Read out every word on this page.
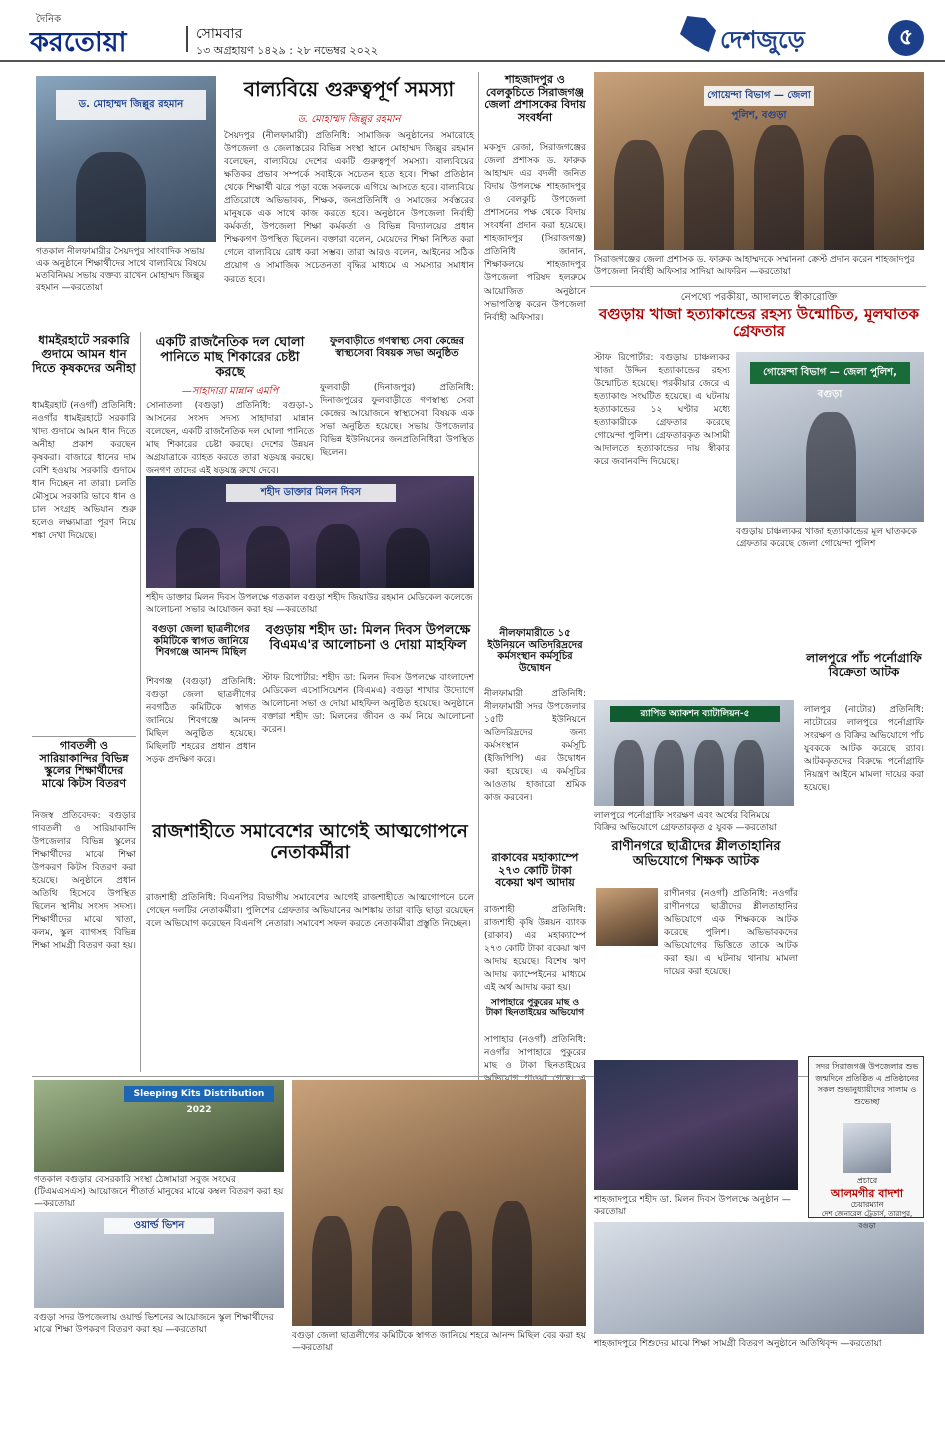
দৈনিক
করতোয়া	সোমবার
১৩ অগ্রহায়ণ ১৪২৯ : ২৮ নভেম্বর ২০২২	দেশজুড়ে	৫
ড. মোহাম্মদ জিল্লুর রহমান
গতকাল নীলফামারীর সৈয়দপুর সাংবাদিক সভায় এক অনুষ্ঠানে শিক্ষার্থীদের সাথে বাল্যবিয়ে বিষয়ে মতবিনিময় সভায় বক্তব্য রাখেন মোহাম্মদ জিল্লুর রহমান —করতোয়া
বাল্যবিয়ে গুরুত্বপূর্ণ সমস্যা
ড. মোহাম্মদ জিল্লুর রহমান
সৈয়দপুর (নীলফামারী) প্রতিনিধি: সামাজিক অনুষ্ঠানের সমারোহে উপজেলা ও জেলাস্তরের বিভিন্ন সংস্থা স্থানে মোহাম্মদ জিল্লুর রহমান বলেছেন, বাল্যবিয়ে দেশের একটি গুরুত্বপূর্ণ সমস্যা। বাল্যবিয়ের ক্ষতিকর প্রভাব সম্পর্কে সবাইকে সচেতন হতে হবে। শিক্ষা প্রতিষ্ঠান থেকে শিক্ষার্থী ঝরে পড়া বন্ধে সকলকে এগিয়ে আসতে হবে। বাল্যবিয়ে প্রতিরোধে অভিভাবক, শিক্ষক, জনপ্রতিনিধি ও সমাজের সর্বস্তরের মানুষকে এক সাথে কাজ করতে হবে। অনুষ্ঠানে উপজেলা নির্বাহী কর্মকর্তা, উপজেলা শিক্ষা কর্মকর্তা ও বিভিন্ন বিদ্যালয়ের প্রধান শিক্ষকগণ উপস্থিত ছিলেন। বক্তারা বলেন, মেয়েদের শিক্ষা নিশ্চিত করা গেলে বাল্যবিয়ে রোধ করা সম্ভব। তারা আরও বলেন, আইনের সঠিক প্রয়োগ ও সামাজিক সচেতনতা বৃদ্ধির মাধ্যমে এ সমস্যার সমাধান করতে হবে।
শাহজাদপুর ও বেলকুচিতে সিরাজগঞ্জ জেলা প্রশাসকের বিদায় সংবর্ধনা
মকসুদ রেজা, সিরাজগঞ্জের জেলা প্রশাসক ড. ফারুক আহাম্মদ এর বদলী জনিত বিদায় উপলক্ষে শাহজাদপুর ও বেলকুচি উপজেলা প্রশাসনের পক্ষ থেকে বিদায় সংবর্ধনা প্রদান করা হয়েছে। শাহজাদপুর (সিরাজগঞ্জ) প্রতিনিধি জানান, শিক্ষাকলয়ে শাহজাদপুর উপজেলা পরিষদ হলরুমে আয়োজিত অনুষ্ঠানে সভাপতিত্ব করেন উপজেলা নির্বাহী অফিসার।
গোয়েন্দা বিভাগ — জেলা পুলিশ, বগুড়া
সিরাজগঞ্জের জেলা প্রশাসক ড. ফারুক আহাম্মদকে সম্মাননা ক্রেস্ট প্রদান করেন শাহজাদপুর উপজেলা নির্বাহী অফিসার সাদিয়া আফরিন —করতোয়া
নেপথ্যে পরকীয়া, আদালতে স্বীকারোক্তি
বগুড়ায় খাজা হত্যাকান্ডের রহস্য উন্মোচিত, মূলঘাতক গ্রেফতার
স্টাফ রিপোর্টার: বগুড়ায় চাঞ্চল্যকর খাজা উদ্দিন হত্যাকান্ডের রহস্য উন্মোচিত হয়েছে। পরকীয়ার জেরে এ হত্যাকাণ্ড সংঘটিত হয়েছে। এ ঘটনায় হত্যাকান্ডের ১২ ঘণ্টার মধ্যে হত্যাকারীকে গ্রেফতার করেছে গোয়েন্দা পুলিশ। গ্রেফতারকৃত আসামী আদালতে হত্যাকান্ডের দায় স্বীকার করে জবানবন্দি দিয়েছে।
গোয়েন্দা বিভাগ — জেলা পুলিশ, বগুড়া
বগুড়ায় চাঞ্চল্যকর খাজা হত্যাকান্ডের মূল ঘাতককে গ্রেফতার করেছে জেলা গোয়েন্দা পুলিশ
ধামইরহাটে সরকারি গুদামে আমন ধান দিতে কৃষকদের অনীহা
ধামইরহাট (নওগাঁ) প্রতিনিধি: নওগাঁর ধামইরহাটে সরকারি খাদ্য গুদামে আমন ধান দিতে অনীহা প্রকাশ করছেন কৃষকরা। বাজারে ধানের দাম বেশি হওয়ায় সরকারি গুদামে ধান দিচ্ছেন না তারা। চলতি মৌসুমে সরকারি ভাবে ধান ও চাল সংগ্রহ অভিযান শুরু হলেও লক্ষ্যমাত্রা পূরণ নিয়ে শঙ্কা দেখা দিয়েছে।
গাবতলী ও সারিয়াকান্দির বিভিন্ন স্কুলের শিক্ষার্থীদের মাঝে কিটস বিতরণ
নিজস্ব প্রতিবেদক: বগুড়ার গাবতলী ও সারিয়াকান্দি উপজেলার বিভিন্ন স্কুলের শিক্ষার্থীদের মাঝে শিক্ষা উপকরণ কিটস বিতরণ করা হয়েছে। অনুষ্ঠানে প্রধান অতিথি হিসেবে উপস্থিত ছিলেন স্থানীয় সংসদ সদস্য। শিক্ষার্থীদের মাঝে খাতা, কলম, স্কুল ব্যাগসহ বিভিন্ন শিক্ষা সামগ্রী বিতরণ করা হয়।
একটি রাজনৈতিক দল ঘোলা পানিতে মাছ শিকারের চেষ্টা করছে
—সাহাদারা মান্নান এমপি
সোনাতলা (বগুড়া) প্রতিনিধি: বগুড়া-১ আসনের সংসদ সদস্য সাহাদারা মান্নান বলেছেন, একটি রাজনৈতিক দল ঘোলা পানিতে মাছ শিকারের চেষ্টা করছে। দেশের উন্নয়ন অগ্রযাত্রাকে ব্যাহত করতে তারা ষড়যন্ত্র করছে। জনগণ তাদের এই ষড়যন্ত্র রুখে দেবে।
ফুলবাড়ীতে গণস্বাস্থ্য সেবা কেন্দ্রের স্বাস্থ্যসেবা বিষয়ক সভা অনুষ্ঠিত
ফুলবাড়ী (দিনাজপুর) প্রতিনিধি: দিনাজপুরের ফুলবাড়ীতে গণস্বাস্থ্য সেবা কেন্দ্রের আয়োজনে স্বাস্থ্যসেবা বিষয়ক এক সভা অনুষ্ঠিত হয়েছে। সভায় উপজেলার বিভিন্ন ইউনিয়নের জনপ্রতিনিধিরা উপস্থিত ছিলেন।
শহীদ ডাক্তার মিলন দিবস
শহীদ ডাক্তার মিলন দিবস উপলক্ষে গতকাল বগুড়া শহীদ জিয়াউর রহমান মেডিকেল কলেজে আলোচনা সভার আয়োজন করা হয় —করতোয়া
বগুড়া জেলা ছাত্রলীগের কমিটিকে স্বাগত জানিয়ে শিবগঞ্জে আনন্দ মিছিল
শিবগঞ্জ (বগুড়া) প্রতিনিধি: বগুড়া জেলা ছাত্রলীগের নবগঠিত কমিটিকে স্বাগত জানিয়ে শিবগঞ্জে আনন্দ মিছিল অনুষ্ঠিত হয়েছে। মিছিলটি শহরের প্রধান প্রধান সড়ক প্রদক্ষিণ করে।
বগুড়ায় শহীদ ডা: মিলন দিবস উপলক্ষে বিএমএ'র আলোচনা ও দোয়া মাহফিল
স্টাফ রিপোর্টার: শহীদ ডা: মিলন দিবস উপলক্ষে বাংলাদেশ মেডিকেল এসোসিয়েশন (বিএমএ) বগুড়া শাখার উদ্যোগে আলোচনা সভা ও দোয়া মাহফিল অনুষ্ঠিত হয়েছে। অনুষ্ঠানে বক্তারা শহীদ ডা: মিলনের জীবন ও কর্ম নিয়ে আলোচনা করেন।
নীলফামারীতে ১৫ ইউনিয়নে অতিদরিদ্রদের কর্মসংস্থান কর্মসূচির উদ্বোধন
নীলফামারী প্রতিনিধি: নীলফামারী সদর উপজেলার ১৫টি ইউনিয়নে অতিদরিদ্রদের জন্য কর্মসংস্থান কর্মসূচি (ইজিপিপি) এর উদ্বোধন করা হয়েছে। এ কর্মসূচির আওতায় হাজারো শ্রমিক কাজ করবেন।
র‍্যাপিড অ্যাকশন ব্যাটালিয়ন-৫
লালপুরে পর্নোগ্রাফি সংরক্ষণ এবং অর্থের বিনিময়ে বিক্রির অভিযোগে গ্রেফতারকৃত ৫ যুবক —করতোয়া
লালপুরে পাঁচ পর্নোগ্রাফি বিক্রেতা আটক
লালপুর (নাটোর) প্রতিনিধি: নাটোরের লালপুরে পর্নোগ্রাফি সংরক্ষণ ও বিক্রির অভিযোগে পাঁচ যুবককে আটক করেছে র‍্যাব। আটককৃতদের বিরুদ্ধে পর্নোগ্রাফি নিয়ন্ত্রণ আইনে মামলা দায়ের করা হয়েছে।
রাণীনগরে ছাত্রীদের শ্লীলতাহানির অভিযোগে শিক্ষক আটক
রাণীনগর (নওগাঁ) প্রতিনিধি: নওগাঁর রাণীনগরে ছাত্রীদের শ্লীলতাহানির অভিযোগে এক শিক্ষককে আটক করেছে পুলিশ। অভিভাবকদের অভিযোগের ভিত্তিতে তাকে আটক করা হয়। এ ঘটনায় থানায় মামলা দায়ের করা হয়েছে।
রাজশাহীতে সমাবেশের আগেই আত্মগোপনে নেতাকর্মীরা
রাজশাহী প্রতিনিধি: বিএনপির বিভাগীয় সমাবেশের আগেই রাজশাহীতে আত্মগোপনে চলে গেছেন দলটির নেতাকর্মীরা। পুলিশের গ্রেফতার অভিযানের আশঙ্কায় তারা বাড়ি ছাড়া রয়েছেন বলে অভিযোগ করেছেন বিএনপি নেতারা। সমাবেশ সফল করতে নেতাকর্মীরা প্রস্তুতি নিচ্ছেন।
রাকাবের মহাক্যাম্পে ২৭৩ কোটি টাকা বকেয়া ঋণ আদায়
রাজশাহী প্রতিনিধি: রাজশাহী কৃষি উন্নয়ন ব্যাংক (রাকাব) এর মহাক্যাম্পে ২৭৩ কোটি টাকা বকেয়া ঋণ আদায় হয়েছে। বিশেষ ঋণ আদায় ক্যাম্পেইনের মাধ্যমে এই অর্থ আদায় করা হয়।
সাপাহারে পুকুরের মাছ ও টাকা ছিনতাইয়ের অভিযোগ
সাপাহার (নওগাঁ) প্রতিনিধি: নওগাঁর সাপাহারে পুকুরের মাছ ও টাকা ছিনতাইয়ের
Sleeping Kits Distribution 2022
গতকাল বগুড়ার বেসরকারি সংস্থা ঠেঙ্গামারা সবুজ সংঘের (টিএমএসএস) আয়োজনে শীতার্ত মানুষের মাঝে কম্বল বিতরণ করা হয় —করতোয়া
ওয়ার্ল্ড ভিশন
বগুড়া সদর উপজেলায় ওয়ার্ল্ড ভিশনের আয়োজনে স্কুল শিক্ষার্থীদের মাঝে শিক্ষা উপকরণ বিতরণ করা হয় —করতোয়া
বগুড়া জেলা ছাত্রলীগের কমিটিকে স্বাগত জানিয়ে শহরে আনন্দ মিছিল বের করা হয় —করতোয়া
শাহজাদপুরে শহীদ ডা. মিলন দিবস উপলক্ষে অনুষ্ঠান —করতোয়া
শাহজাদপুরে শিশুদের মাঝে শিক্ষা সামগ্রী বিতরণ অনুষ্ঠানে অতিথিবৃন্দ —করতোয়া
সদর সিরাজগঞ্জ উপজেলার শুভ জন্মদিনে প্রতিষ্ঠিত এ প্রতিষ্ঠানের সকল শুভানুধ্যায়ীদের সালাম ও শুভেচ্ছা
প্রচারে
আলমগীর বাদশা
চেয়ারম্যান
দেশ জেনারেল ট্রেডার্স, তারাপুর, বগুড়া
